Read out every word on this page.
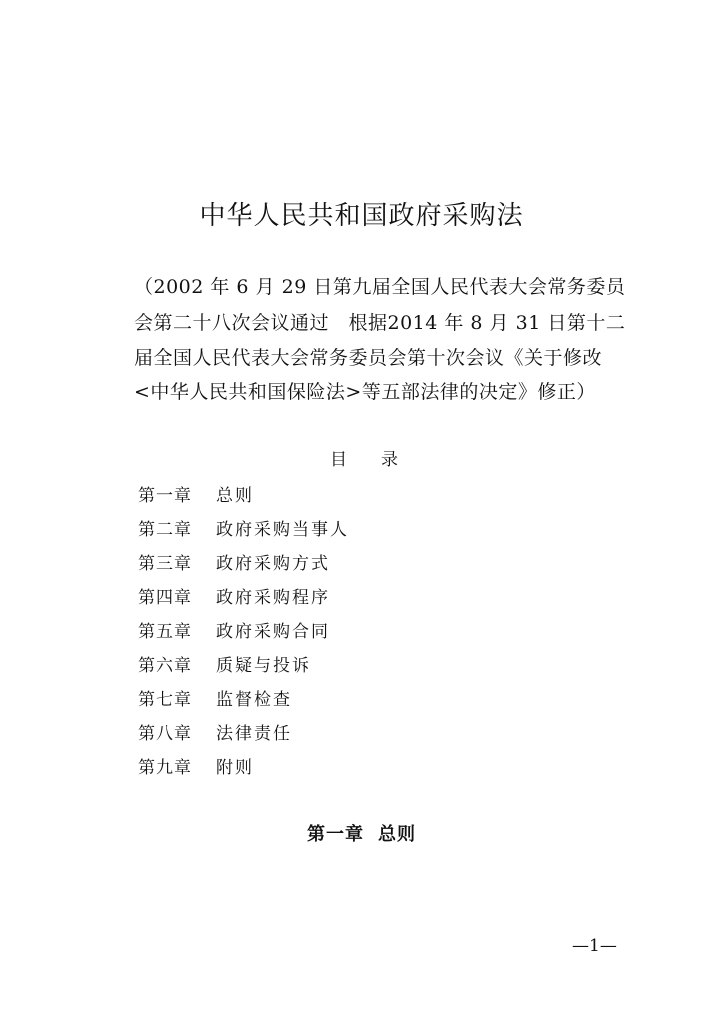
中华人民共和国政府采购法
（2002 年 6 月 29 日第九届全国人民代表大会常务委员
会第二十八次会议通过　根据2014 年 8 月 31 日第十二
届全国人民代表大会常务委员会第十次会议《关于修改
<中华人民共和国保险法>等五部法律的决定》修正）
目 录
第一章 总则
第二章 政府采购当事人
第三章 政府采购方式
第四章 政府采购程序
第五章 政府采购合同
第六章 质疑与投诉
第七章 监督检查
第八章 法律责任
第九章 附则
第一章 总则
—1—
